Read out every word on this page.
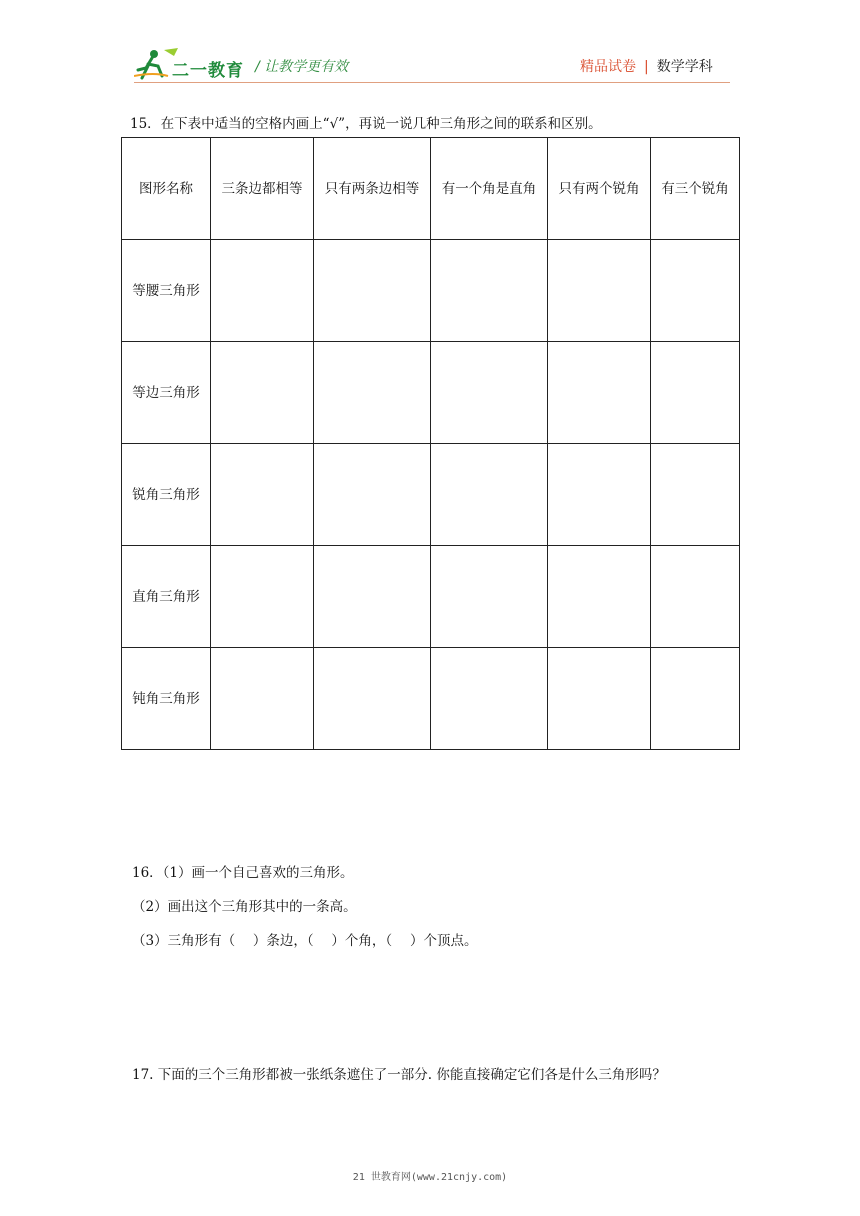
二一教育 / 让教学更有效	精品试卷 | 数学学科
15．在下表中适当的空格内画上“√”，再说一说几种三角形之间的联系和区别。
图形名称	三条边都相等	只有两条边相等	有一个角是直角	只有两个锐角	有三个锐角
等腰三角形					
等边三角形					
锐角三角形					
直角三角形					
钝角三角形					
16．（1）画一个自己喜欢的三角形。
（2）画出这个三角形其中的一条高。
（3）三角形有（　 ）条边，（　 ）个角，（　 ）个顶点。
17. 下面的三个三角形都被一张纸条遮住了一部分. 你能直接确定它们各是什么三角形吗？
21 世教育网(www.21cnjy.com)
